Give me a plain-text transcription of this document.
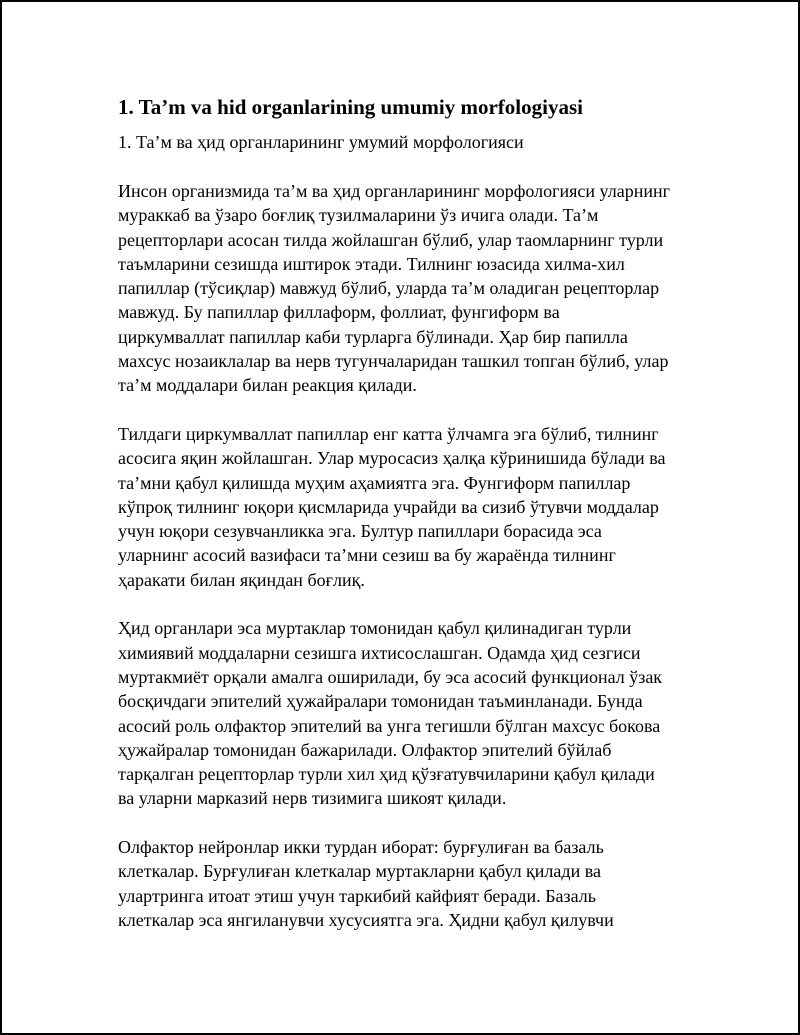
1. Ta’m va hid organlarining umumiy morfologiyasi

1. Таʼм ва ҳид органларининг умумий морфологияси

Инсон организмида таʼм ва ҳид органларининг морфологияси уларнинг
мураккаб ва ўзаро боғлиқ тузилмаларини ўз ичига олади. Таʼм
рецепторлари асосан тилда жойлашган бўлиб, улар таомларнинг турли
таъмларини сезишда иштирок этади. Тилнинг юзасида хилма-хил
папиллар (тўсиқлар) мавжуд бўлиб, уларда таʼм оладиган рецепторлар
мавжуд. Бу папиллар филлаформ, фоллиат, фунгиформ ва
циркумваллат папиллар каби турларга бўлинади. Ҳар бир папилла
махсус нозаиклалар ва нерв тугунчаларидан ташкил топган бўлиб, улар
таʼм моддалари билан реакция қилади.

Тилдаги циркумваллат папиллар енг катта ўлчамга эга бўлиб, тилнинг
асосига яқин жойлашган. Улар муросасиз ҳалқа кўринишида бўлади ва
таʼмни қабул қилишда муҳим аҳамиятга эга. Фунгиформ папиллар
кўпроқ тилнинг юқори қисмларида учрайди ва сизиб ўтувчи моддалар
учун юқори сезувчанликка эга. Бултур папиллари борасида эса
уларнинг асосий вазифаси таʼмни сезиш ва бу жараёнда тилнинг
ҳаракати билан яқиндан боғлиқ.

Ҳид органлари эса муртаклар томонидан қабул қилинадиган турли
химиявий моддаларни сезишга ихтисослашган. Одамда ҳид сезгиси
муртакмиёт орқали амалга оширилади, бу эса асосий функционал ўзак
босқичдаги эпителий ҳужайралари томонидан таъминланади. Бунда
асосий роль олфактор эпителий ва унга тегишли бўлган махсус бокова
ҳужайралар томонидан бажарилади. Олфактор эпителий бўйлаб
тарқалган рецепторлар турли хил ҳид қўзғатувчиларини қабул қилади
ва уларни марказий нерв тизимига шикоят қилади.

Олфактор нейронлар икки турдан иборат: бурғулиған ва базаль
клеткалар. Бурғулиған клеткалар муртакларни қабул қилади ва
улартринга итоат этиш учун таркибий кайфият беради. Базаль
клеткалар эса янгиланувчи хусусиятга эга. Ҳидни қабул қилувчи
